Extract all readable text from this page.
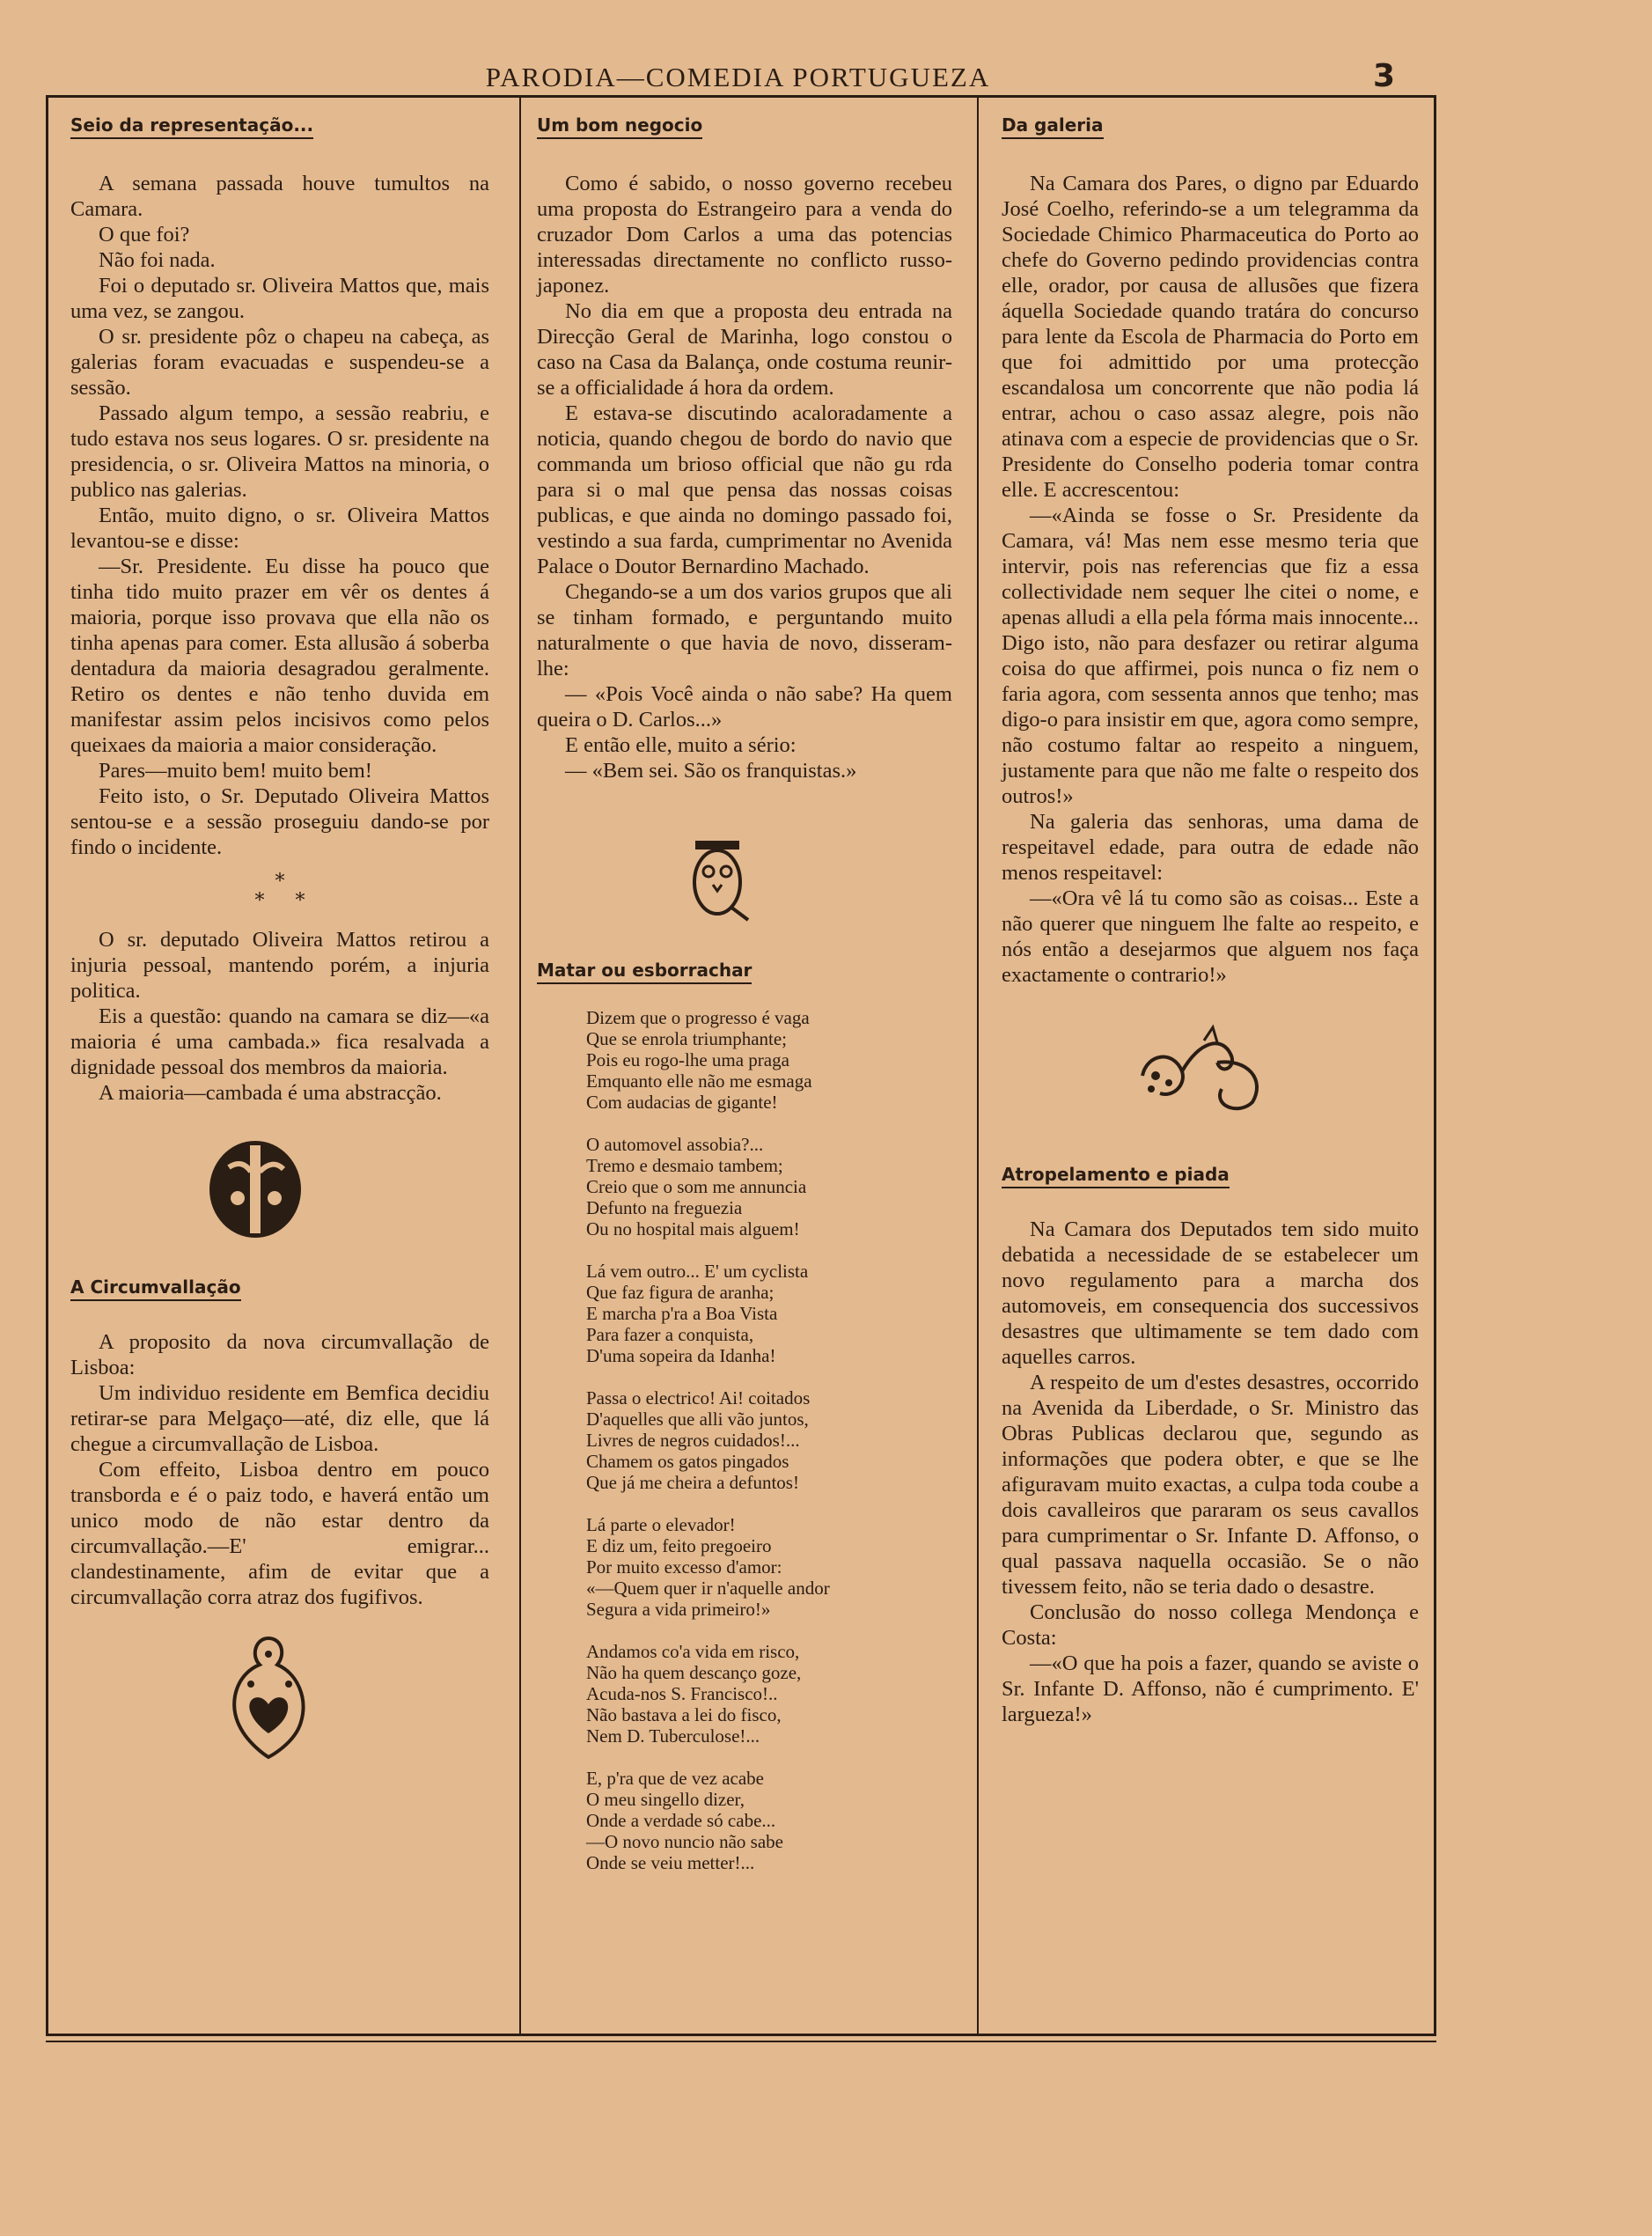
PARODIA—COMEDIA PORTUGUEZA	3
Seio da representação...

A semana passada houve tumultos na Camara.

O que foi?

Não foi nada.

Foi o deputado sr. Oliveira Mattos que, mais uma vez, se zangou.

O sr. presidente pôz o chapeu na cabeça, as galerias foram evacuadas e suspendeu-se a sessão.

Passado algum tempo, a sessão reabriu, e tudo estava nos seus logares. O sr. presidente na presidencia, o sr. Oliveira Mattos na minoria, o publico nas galerias.

Então, muito digno, o sr. Oliveira Mattos levantou-se e disse:

—Sr. Presidente. Eu disse ha pouco que tinha tido muito prazer em vêr os dentes á maioria, porque isso provava que ella não os tinha apenas para comer. Esta allusão á soberba dentadura da maioria desagradou geralmente. Retiro os dentes e não tenho duvida em manifestar assim pelos incisivos como pelos queixaes da maioria a maior consideração.

Pares—muito bem! muito bem!

Feito isto, o Sr. Deputado Oliveira Mattos sentou-se e a sessão proseguiu dando-se por findo o incidente.

*
*     *

O sr. deputado Oliveira Mattos retirou a injuria pessoal, mantendo porém, a injuria politica.

Eis a questão: quando na camara se diz—«a maioria é uma cambada.» fica resalvada a dignidade pessoal dos membros da maioria.

A maioria—cambada é uma abstracção.

A Circumvallação

A proposito da nova circumvallação de Lisboa:

Um individuo residente em Bemfica decidiu retirar-se para Melgaço—até, diz elle, que lá chegue a circumvallação de Lisboa.

Com effeito, Lisboa dentro em pouco transborda e é o paiz todo, e haverá então um unico modo de não estar dentro da circumvallação.—E' emigrar... clandestinamente, afim de evitar que a circumvallação corra atraz dos fugifivos.

Um bom negocio

Como é sabido, o nosso governo recebeu uma proposta do Estrangeiro para a venda do cruzador Dom Carlos a uma das potencias interessadas directamente no conflicto russo-japonez.

No dia em que a proposta deu entrada na Direcção Geral de Marinha, logo constou o caso na Casa da Balança, onde costuma reunir-se a officialidade á hora da ordem.

E estava-se discutindo acaloradamente a noticia, quando chegou de bordo do navio que commanda um brioso official que não gu rda para si o mal que pensa das nossas coisas publicas, e que ainda no domingo passado foi, vestindo a sua farda, cumprimentar no Avenida Palace o Doutor Bernardino Machado.

Chegando-se a um dos varios grupos que ali se tinham formado, e perguntando muito naturalmente o que havia de novo, disseram-lhe:

— «Pois Você ainda o não sabe? Ha quem queira o D. Carlos...»

E então elle, muito a sério:

— «Bem sei. São os franquistas.»

Matar ou esborrachar
Dizem que o progresso é vaga
Que se enrola triumphante;
Pois eu rogo-lhe uma praga
Emquanto elle não me esmaga
Com audacias de gigante!
O automovel assobia?...
Tremo e desmaio tambem;
Creio que o som me annuncia
Defunto na freguezia
Ou no hospital mais alguem!
Lá vem outro... E' um cyclista
Que faz figura de aranha;
E marcha p'ra a Boa Vista
Para fazer a conquista,
D'uma sopeira da Idanha!
Passa o electrico! Ai! coitados
D'aquelles que alli vão juntos,
Livres de negros cuidados!...
Chamem os gatos pingados
Que já me cheira a defuntos!
Lá parte o elevador!
E diz um, feito pregoeiro
Por muito excesso d'amor:
«—Quem quer ir n'aquelle andor
Segura a vida primeiro!»
Andamos co'a vida em risco,
Não ha quem descanço goze,
Acuda-nos S. Francisco!..
Não bastava a lei do fisco,
Nem D. Tuberculose!...
E, p'ra que de vez acabe
O meu singello dizer,
Onde a verdade só cabe...
—O novo nuncio não sabe
Onde se veiu metter!...
Da galeria

Na Camara dos Pares, o digno par Eduardo José Coelho, referindo-se a um telegramma da Sociedade Chimico Pharmaceutica do Porto ao chefe do Governo pedindo providencias contra elle, orador, por causa de allusões que fizera áquella Sociedade quando tratára do concurso para lente da Escola de Pharmacia do Porto em que foi admittido por uma protecção escandalosa um concorrente que não podia lá entrar, achou o caso assaz alegre, pois não atinava com a especie de providencias que o Sr. Presidente do Conselho poderia tomar contra elle. E accrescentou:

—«Ainda se fosse o Sr. Presidente da Camara, vá! Mas nem esse mesmo teria que intervir, pois nas referencias que fiz a essa collectividade nem sequer lhe citei o nome, e apenas alludi a ella pela fórma mais innocente... Digo isto, não para desfazer ou retirar alguma coisa do que affirmei, pois nunca o fiz nem o faria agora, com sessenta annos que tenho; mas digo-o para insistir em que, agora como sempre, não costumo faltar ao respeito a ninguem, justamente para que não me falte o respeito dos outros!»

Na galeria das senhoras, uma dama de respeitavel edade, para outra de edade não menos respeitavel:

—«Ora vê lá tu como são as coisas... Este a não querer que ninguem lhe falte ao respeito, e nós então a desejarmos que alguem nos faça exactamente o contrario!»

Atropelamento e piada

Na Camara dos Deputados tem sido muito debatida a necessidade de se estabelecer um novo regulamento para a marcha dos automoveis, em consequencia dos successivos desastres que ultimamente se tem dado com aquelles carros.

A respeito de um d'estes desastres, occorrido na Avenida da Liberdade, o Sr. Ministro das Obras Publicas declarou que, segundo as informações que podera obter, e que se lhe afiguravam muito exactas, a culpa toda coube a dois cavalleiros que pararam os seus cavallos para cumprimentar o Sr. Infante D. Affonso, o qual passava naquella occasião. Se o não tivessem feito, não se teria dado o desastre.

Conclusão do nosso collega Mendonça e Costa:

—«O que ha pois a fazer, quando se aviste o Sr. Infante D. Affonso, não é cumprimento. E' largueza!»
